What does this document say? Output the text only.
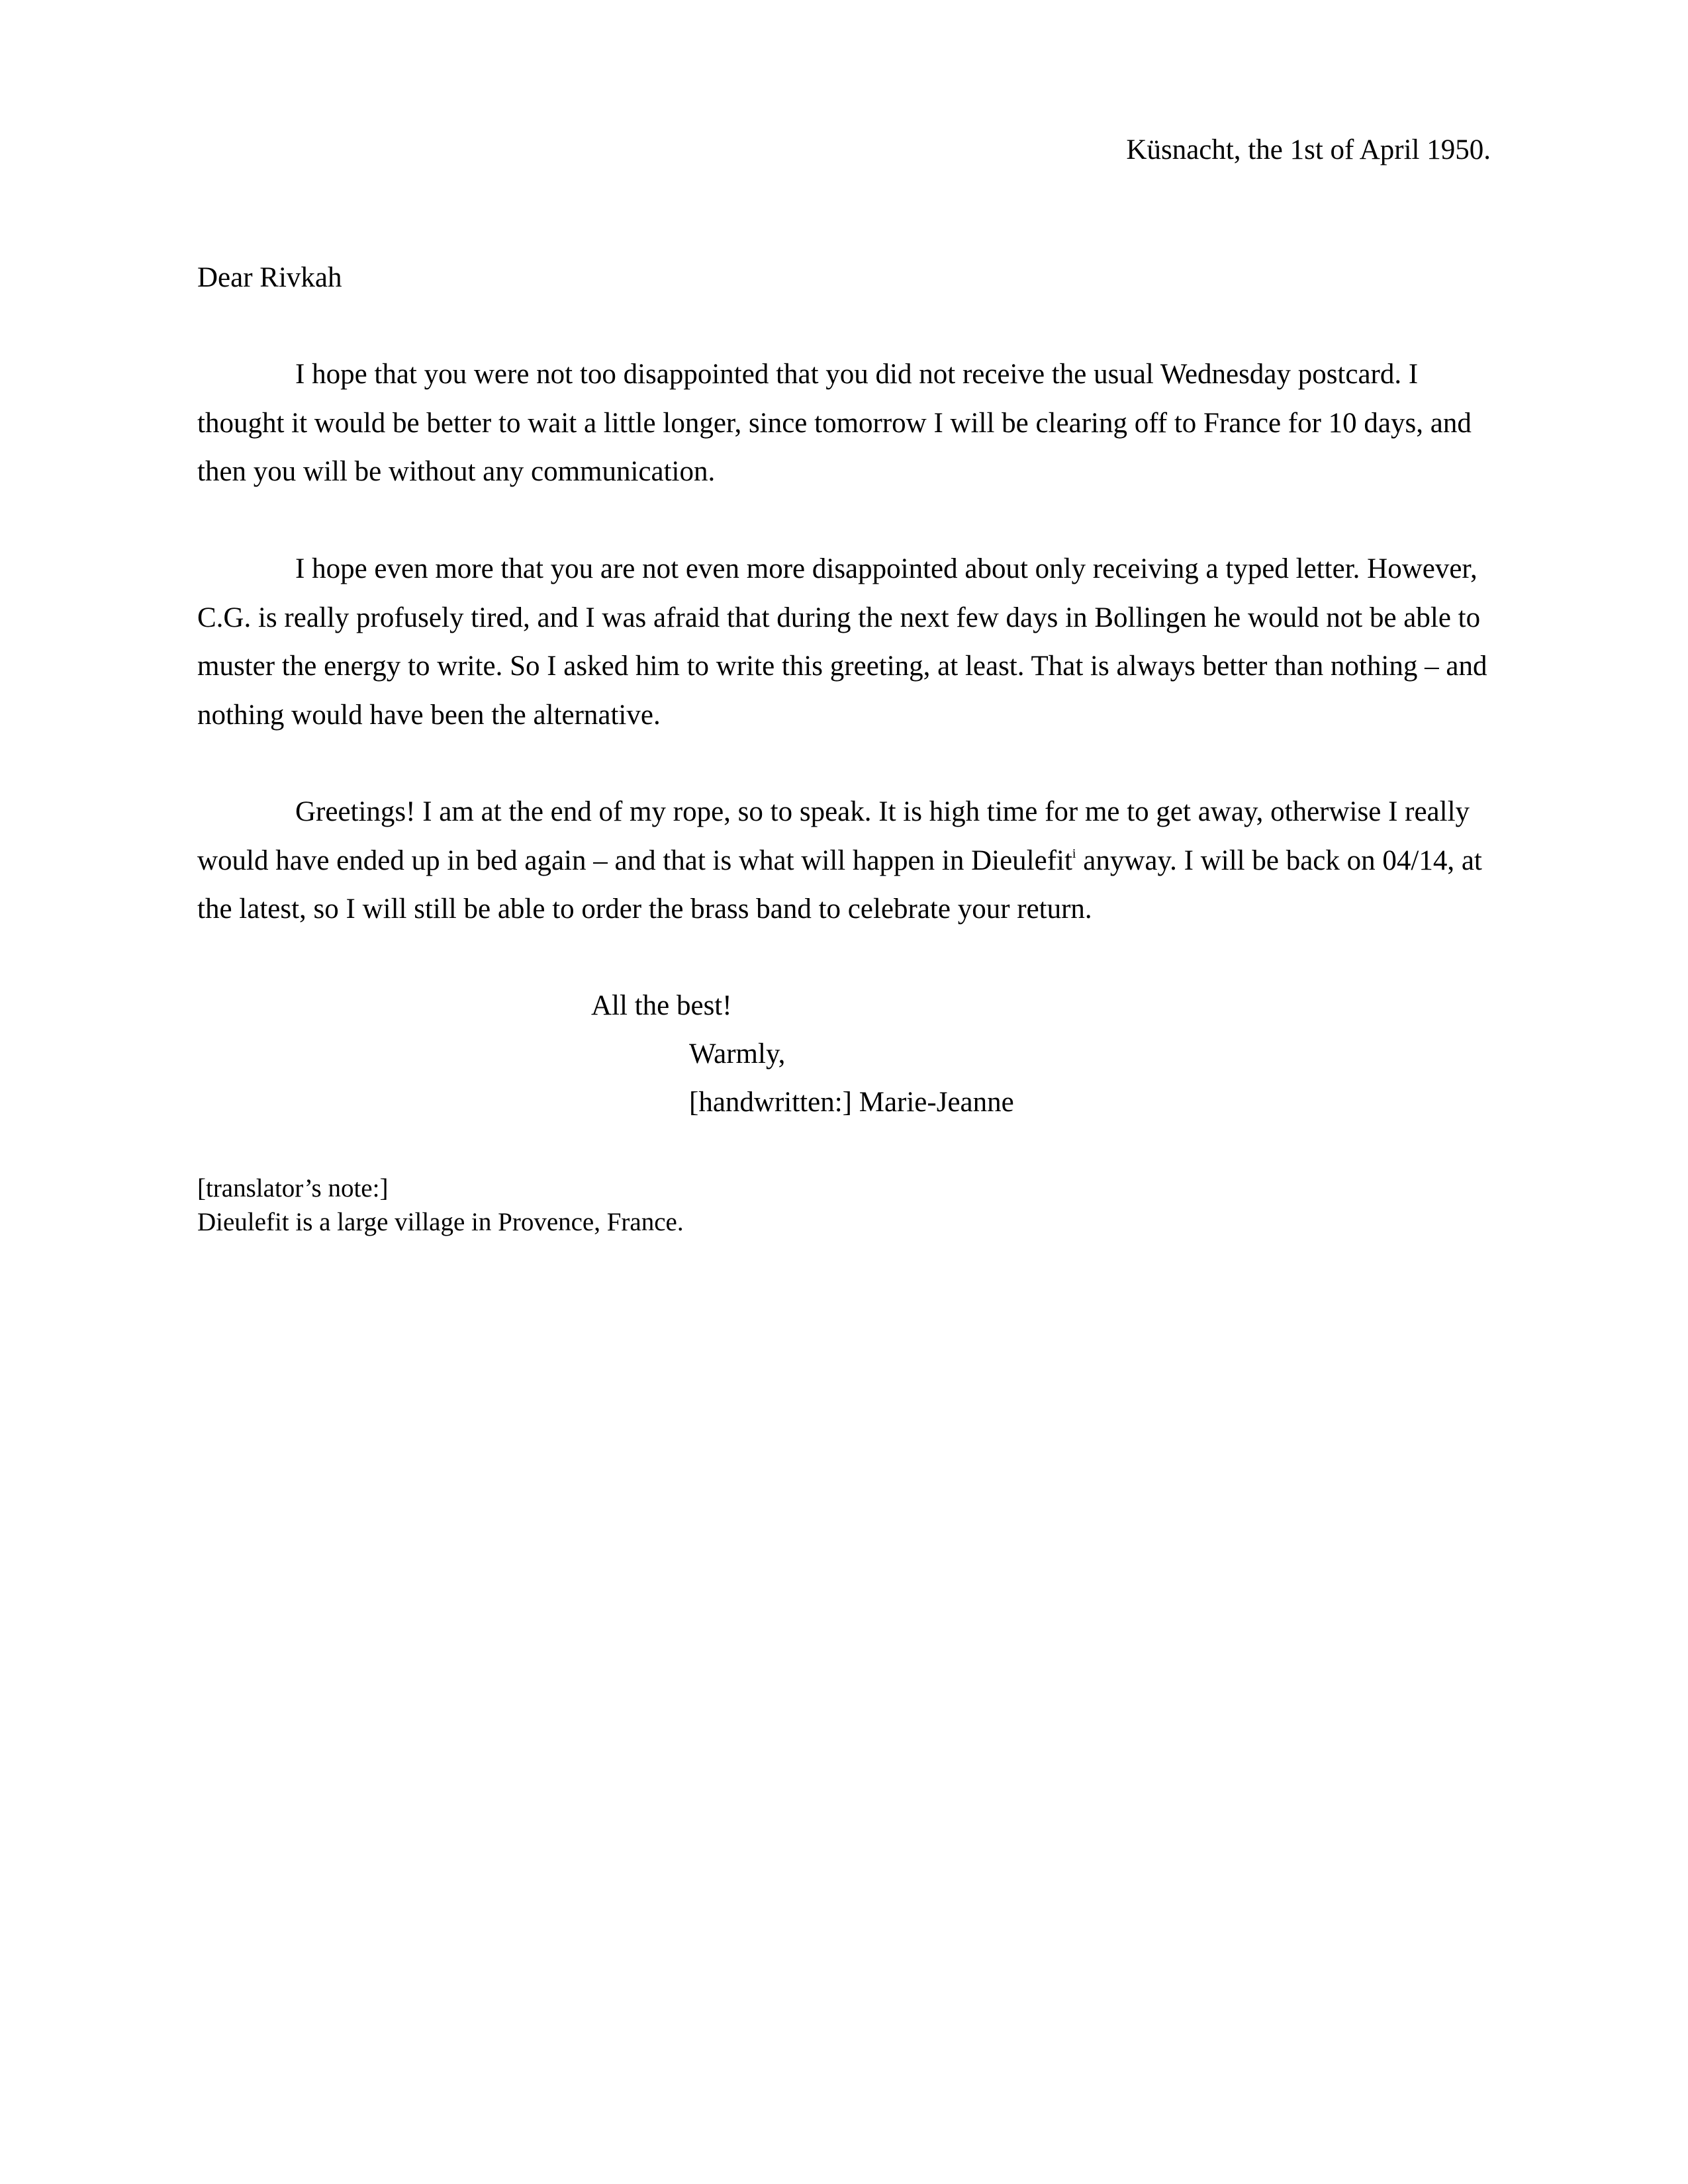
Küsnacht, the 1st of April 1950.
Dear Rivkah
I hope that you were not too disappointed that you did not receive the usual Wednesday postcard. I thought it would be better to wait a little longer, since tomorrow I will be clearing off to France for 10 days, and then you will be without any communication.
I hope even more that you are not even more disappointed about only receiving a typed letter. However, C.G. is really profusely tired, and I was afraid that during the next few days in Bollingen he would not be able to muster the energy to write. So I asked him to write this greeting, at least. That is always better than nothing – and nothing would have been the alternative.
Greetings! I am at the end of my rope, so to speak. It is high time for me to get away, otherwise I really would have ended up in bed again – and that is what will happen in Dieulefit$^i$ anyway. I will be back on 04/14, at the latest, so I will still be able to order the brass band to celebrate your return.
All the best!
Warmly,
[handwritten:] Marie-Jeanne
[translator’s note:]
Dieulefit is a large village in Provence, France.
